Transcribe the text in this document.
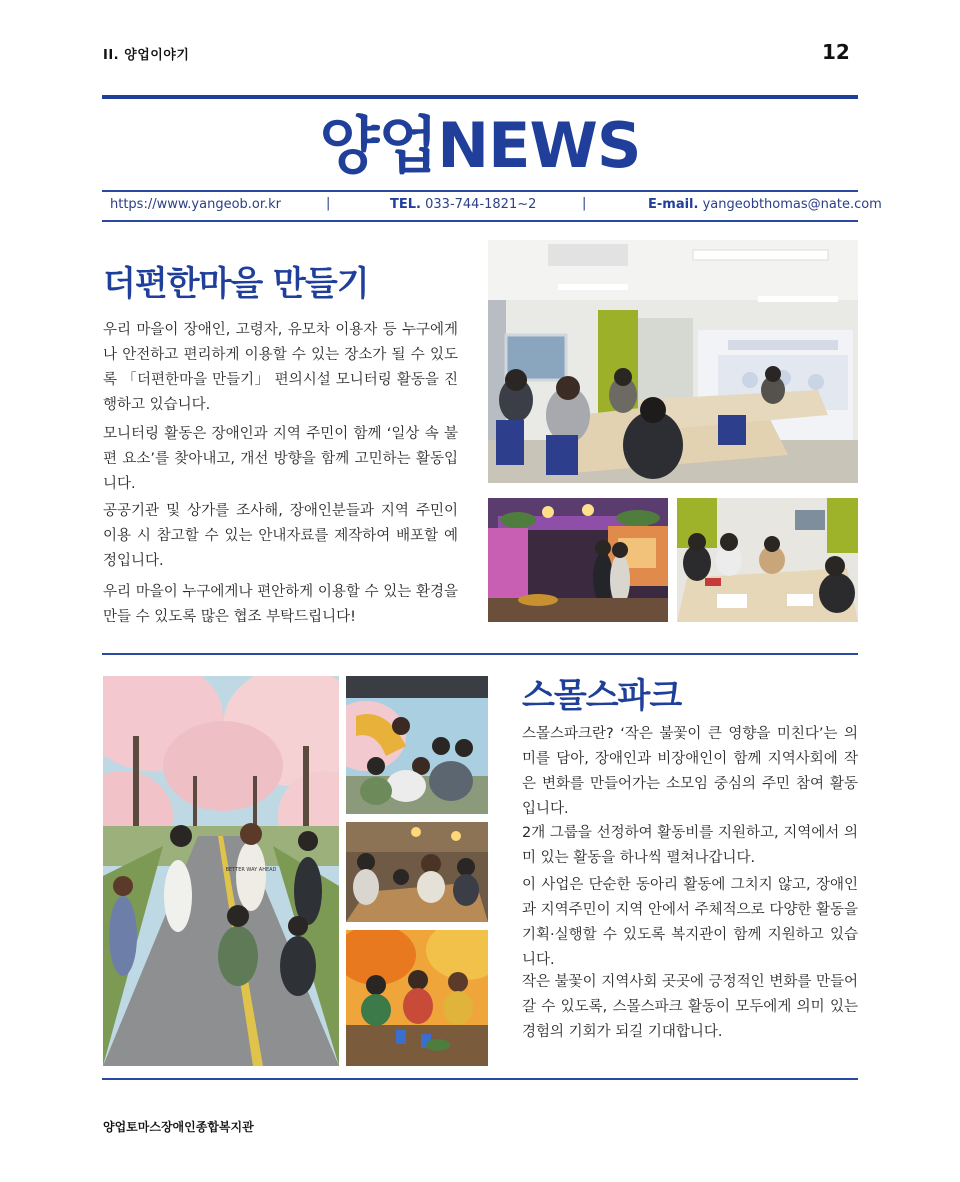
II. 양업이야기	12
양업NEWS
https://www.yangeob.or.kr	|	TEL. 033-744-1821~2	|	E-mail. yangeobthomas@nate.com
더편한마을 만들기

우리 마을이 장애인, 고령자, 유모차 이용자 등 누구에게나 안전하고 편리하게 이용할 수 있는 장소가 될 수 있도록 「더편한마을 만들기」 편의시설 모니터링 활동을 진행하고 있습니다.

모니터링 활동은 장애인과 지역 주민이 함께 ‘일상 속 불편 요소’를 찾아내고, 개선 방향을 함께 고민하는 활동입니다.

공공기관 및 상가를 조사해, 장애인분들과 지역 주민이 이용 시 참고할 수 있는 안내자료를 제작하여 배포할 예정입니다.

우리 마을이 누구에게나 편안하게 이용할 수 있는 환경을 만들 수 있도록 많은 협조 부탁드립니다!

BETTER WAY AHEAD
스몰스파크

스몰스파크란? ‘작은 불꽃이 큰 영향을 미친다’는 의미를 담아, 장애인과 비장애인이 함께 지역사회에 작은 변화를 만들어가는 소모임 중심의 주민 참여 활동입니다.

2개 그룹을 선정하여 활동비를 지원하고, 지역에서 의미 있는 활동을 하나씩 펼쳐나갑니다.

이 사업은 단순한 동아리 활동에 그치지 않고, 장애인과 지역주민이 지역 안에서 주체적으로 다양한 활동을 기획·실행할 수 있도록 복지관이 함께 지원하고 있습니다.

작은 불꽃이 지역사회 곳곳에 긍정적인 변화를 만들어갈 수 있도록, 스몰스파크 활동이 모두에게 의미 있는 경험의 기회가 되길 기대합니다.

양업토마스장애인종합복지관
